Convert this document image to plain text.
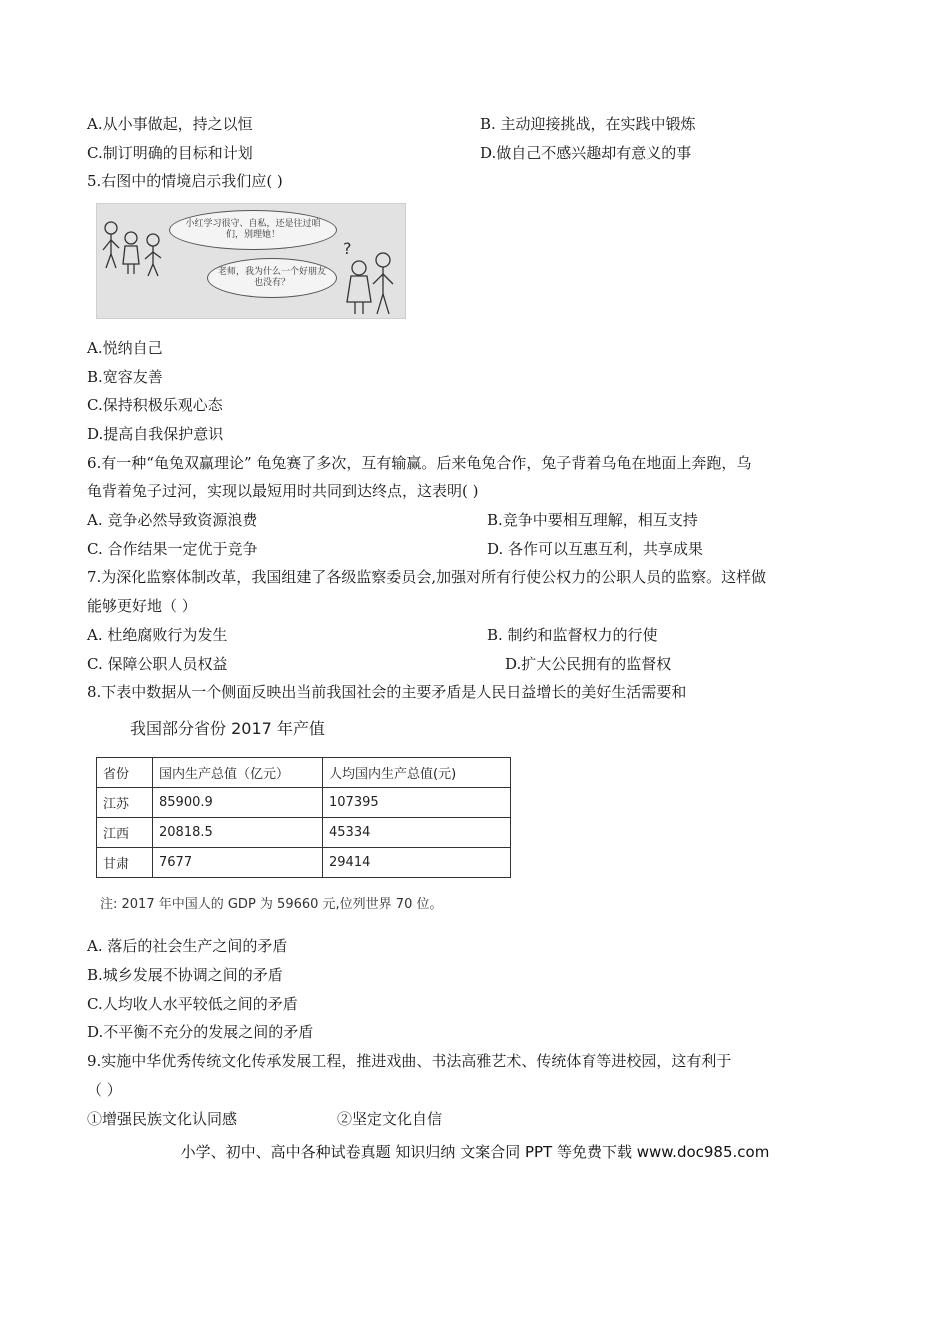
A.从小事做起，持之以恒	B. 主动迎接挑战，在实践中锻炼
C.制订明确的目标和计划	D.做自己不感兴趣却有意义的事
5.右图中的情境启示我们应( )
?
小红学习很守、自私，还是往过咱们，别理她！
老师，我为什么一个好朋友也没有？
A.悦纳自己
B.宽容友善
C.保持积极乐观心态
D.提高自我保护意识
6.有一种“龟兔双赢理论” 龟兔赛了多次，互有输赢。后来龟兔合作，兔子背着乌龟在地面上奔跑，乌
龟背着兔子过河，实现以最短用时共同到达终点，这表明( )
A. 竞争必然导致资源浪费	B.竞争中要相互理解，相互支持
C. 合作结果一定优于竞争	D. 各作可以互惠互利，共享成果
7.为深化监察体制改革，我国组建了各级监察委员会,加强对所有行使公权力的公职人员的监察。这样做
能够更好地（ ）
A. 杜绝腐败行为发生	B. 制约和监督权力的行使
C. 保障公职人员权益	D.扩大公民拥有的监督权
8.下表中数据从一个侧面反映出当前我国社会的主要矛盾是人民日益增长的美好生活需要和
我国部分省份 2017 年产值
省份	国内生产总值（亿元）	人均国内生产总值(元)
江苏	85900.9	107395
江西	20818.5	45334
甘肃	7677	29414
注: 2017 年中国人的 GDP 为 59660 元,位列世界 70 位。
A. 落后的社会生产之间的矛盾
B.城乡发展不协调之间的矛盾
C.人均收人水平较低之间的矛盾
D.不平衡不充分的发展之间的矛盾
9.实施中华优秀传统文化传承发展工程，推进戏曲、书法高雅艺术、传统体育等进校园，这有利于
（ ）
①增强民族文化认同感	②坚定文化自信
小学、初中、高中各种试卷真题 知识归纳 文案合同 PPT 等免费下载 www.doc985.com
